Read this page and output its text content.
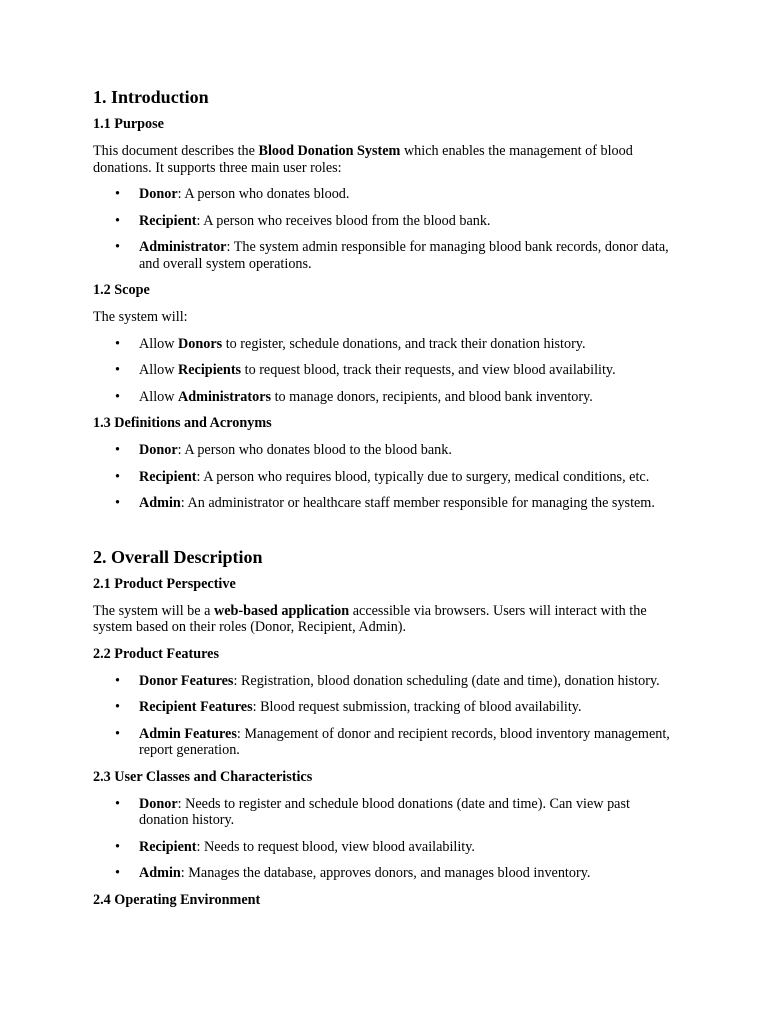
1. Introduction
1.1 Purpose

This document describes the Blood Donation System which enables the management of blood donations. It supports three main user roles:

• Donor: A person who donates blood.
• Recipient: A person who receives blood from the blood bank.
• Administrator: The system admin responsible for managing blood bank records, donor data, and overall system operations.
1.2 Scope

The system will:

• Allow Donors to register, schedule donations, and track their donation history.
• Allow Recipients to request blood, track their requests, and view blood availability.
• Allow Administrators to manage donors, recipients, and blood bank inventory.
1.3 Definitions and Acronyms
• Donor: A person who donates blood to the blood bank.
• Recipient: A person who requires blood, typically due to surgery, medical conditions, etc.
• Admin: An administrator or healthcare staff member responsible for managing the system.
2. Overall Description
2.1 Product Perspective

The system will be a web-based application accessible via browsers. Users will interact with the system based on their roles (Donor, Recipient, Admin).

2.2 Product Features
• Donor Features: Registration, blood donation scheduling (date and time), donation history.
• Recipient Features: Blood request submission, tracking of blood availability.
• Admin Features: Management of donor and recipient records, blood inventory management, report generation.
2.3 User Classes and Characteristics
• Donor: Needs to register and schedule blood donations (date and time). Can view past donation history.
• Recipient: Needs to request blood, view blood availability.
• Admin: Manages the database, approves donors, and manages blood inventory.
2.4 Operating Environment
